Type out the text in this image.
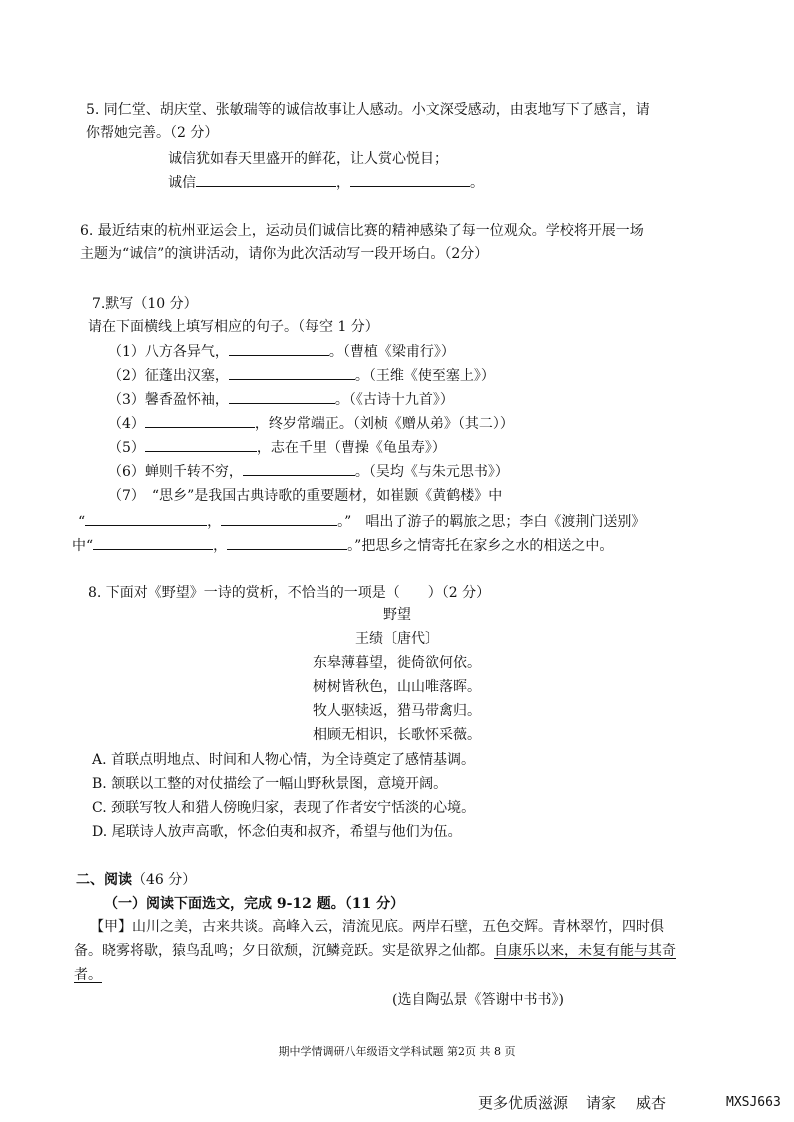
5. 同仁堂、胡庆堂、张敏瑞等的诚信故事让人感动。小文深受感动，由衷地写下了感言，请
你帮她完善。（2 分）
诚信犹如春天里盛开的鲜花，让人赏心悦目；
诚信	，	。
6. 最近结束的杭州亚运会上，运动员们诚信比赛的精神感染了每一位观众。学校将开展一场
主题为“诚信”的演讲活动，请你为此次活动写一段开场白。（2分）
7.默写（10 分）
请在下面横线上填写相应的句子。（每空 1 分）
（1）八方各异气，	。（曹植《梁甫行》）
（2）征蓬出汉塞，	。（王维《使至塞上》）
（3）馨香盈怀袖，	。（《古诗十九首》）
（4）	，终岁常端正。（刘桢《赠从弟》（其二））
（5）	，志在千里（曹操《龟虽寿》）
（6）蝉则千转不穷，	。（吴均《与朱元思书》）
（7）　“思乡”是我国古典诗歌的重要题材，如崔颢《黄鹤楼》中
“	，	。”　唱出了游子的羁旅之思；李白《渡荆门送别》
中“	，	。”把思乡之情寄托在家乡之水的相送之中。
8. 下面对《野望》一诗的赏析，不恰当的一项是（　　）（2 分）
野望
王绩〔唐代〕
东皋薄暮望，徙倚欲何依。
树树皆秋色，山山唯落晖。
牧人驱犊返，猎马带禽归。
相顾无相识，长歌怀采薇。
A. 首联点明地点、时间和人物心情，为全诗奠定了感情基调。
B. 颔联以工整的对仗描绘了一幅山野秋景图，意境开阔。
C. 颈联写牧人和猎人傍晚归家，表现了作者安宁恬淡的心境。
D. 尾联诗人放声高歌，怀念伯夷和叔齐，希望与他们为伍。
二、阅读（46 分）
（一）阅读下面选文，完成 9-12 题。（11 分）
【甲】山川之美，古来共谈。高峰入云，清流见底。两岸石壁，五色交辉。青林翠竹，四时俱
备。晓雾将歇，猿鸟乱鸣；夕日欲颓，沉鳞竞跃。实是欲界之仙都。自康乐以来，未复有能与其奇
者。
(选自陶弘景《答谢中书书》)
期中学情调研八年级语文学科试题 第2页 共 8 页
更多优质滋源 请家 威杏	MXSJ663
